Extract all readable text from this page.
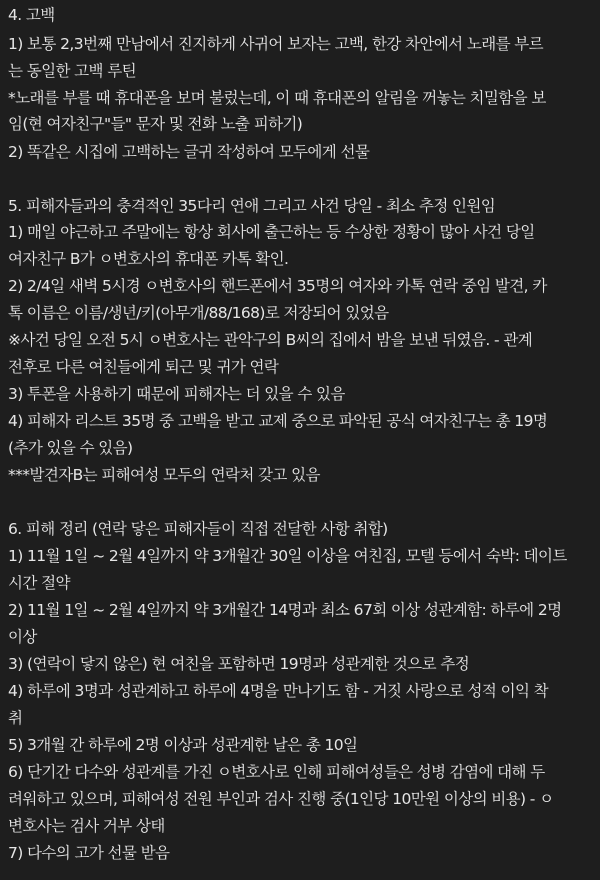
4. 고백
1) 보통 2,3번째 만남에서 진지하게 사귀어 보자는 고백, 한강 차안에서 노래를 부르
는 동일한 고백 루틴
*노래를 부를 때 휴대폰을 보며 불렀는데, 이 때 휴대폰의 알림을 꺼놓는 치밀함을 보
임(현 여자친구"들" 문자 및 전화 노출 피하기)
2) 똑같은 시집에 고백하는 글귀 작성하여 모두에게 선물
5. 피해자들과의 충격적인 35다리 연애 그리고 사건 당일 - 최소 추정 인원임
1) 매일 야근하고 주말에는 항상 회사에 출근하는 등 수상한 정황이 많아 사건 당일
여자친구 B가 ㅇ변호사의 휴대폰 카톡 확인.
2) 2/4일 새벽 5시경 ㅇ변호사의 핸드폰에서 35명의 여자와 카톡 연락 중임 발견, 카
톡 이름은 이름/생년/키(아무개/88/168)로 저장되어 있었음
※사건 당일 오전 5시 ㅇ변호사는 관악구의 B씨의 집에서 밤을 보낸 뒤였음. - 관계
전후로 다른 여친들에게 퇴근 및 귀가 연락
3) 투폰을 사용하기 때문에 피해자는 더 있을 수 있음
4) 피해자 리스트 35명 중 고백을 받고 교제 중으로 파악된 공식 여자친구는 총 19명
(추가 있을 수 있음)
***발견자B는 피해여성 모두의 연락처 갖고 있음
6. 피해 정리 (연락 닿은 피해자들이 직접 전달한 사항 취합)
1) 11월 1일 ~ 2월 4일까지 약 3개월간 30일 이상을 여친집, 모텔 등에서 숙박: 데이트
시간 절약
2) 11월 1일 ~ 2월 4일까지 약 3개월간 14명과 최소 67회 이상 성관계함: 하루에 2명
이상
3) (연락이 닿지 않은) 현 여친을 포함하면 19명과 성관계한 것으로 추정
4) 하루에 3명과 성관계하고 하루에 4명을 만나기도 함 - 거짓 사랑으로 성적 이익 착
취
5) 3개월 간 하루에 2명 이상과 성관계한 날은 총 10일
6) 단기간 다수와 성관계를 가진 ㅇ변호사로 인해 피해여성들은 성병 감염에 대해 두
려워하고 있으며, 피해여성 전원 부인과 검사 진행 중(1인당 10만원 이상의 비용) - ㅇ
변호사는 검사 거부 상태
7) 다수의 고가 선물 받음
